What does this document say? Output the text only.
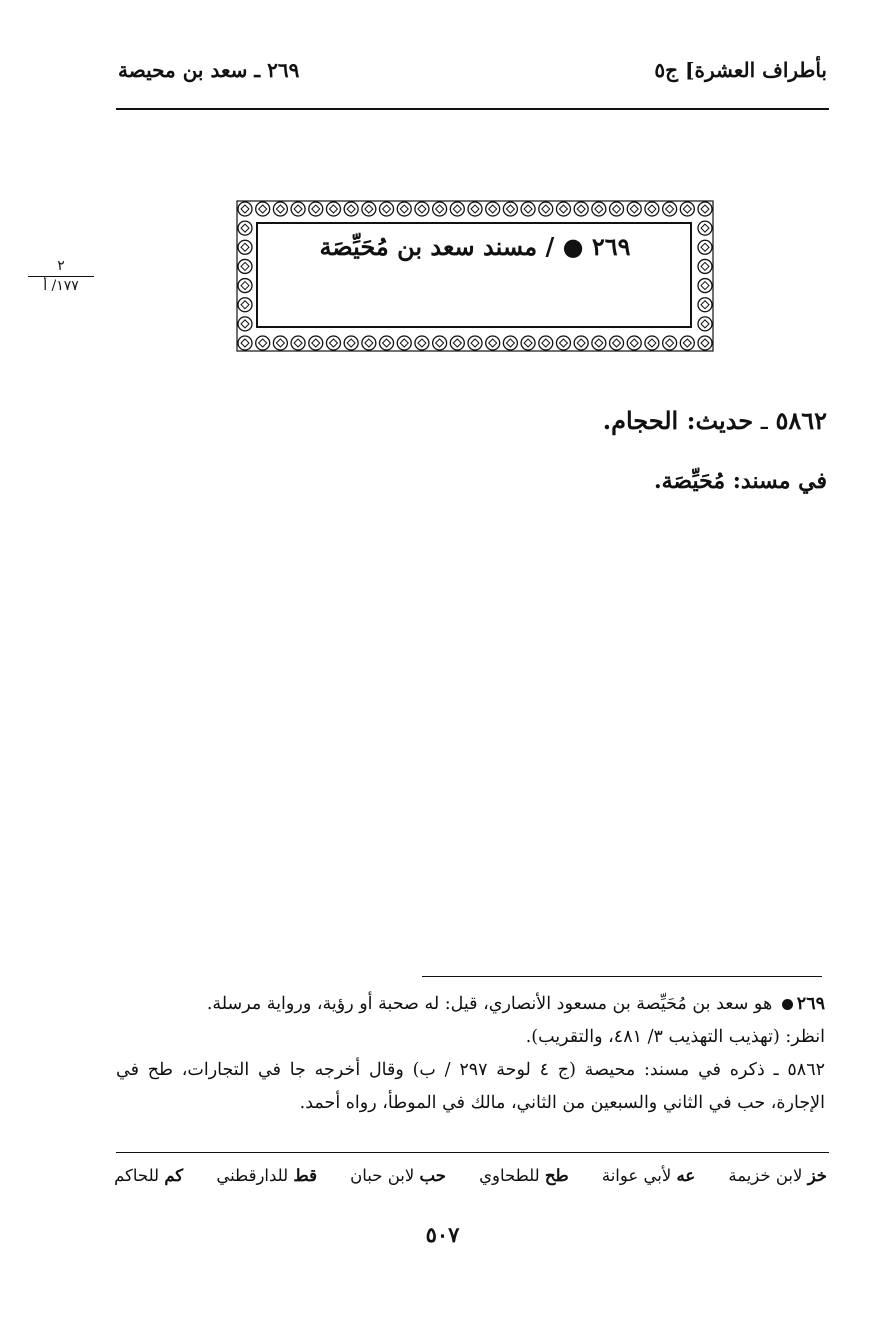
بأطراف العشرة] ج٥
٢٦٩ ـ سعد بن محيصة
٢
١٧٧/ أ
٢٦٩ ● / مسند سعد بن مُحَيِّصَة
٥٨٦٢ ـ حديث: الحجام.
في مسند: مُحَيِّصَة.

٢٦٩ هو سعد بن مُحَيِّصة بن مسعود الأنصاري، قيل: له صحبة أو رؤية، ورواية مرسلة.

انظر: (تهذيب التهذيب ٣/ ٤٨١، والتقريب).

٥٨٦٢ ـ ذكره في مسند: محيصة (ج ٤ لوحة ٢٩٧ / ب) وقال أخرجه جا في التجارات، طح في الإجارة، حب في الثاني والسبعين من الثاني، مالك في الموطأ، رواه أحمد.

خز لابن خزيمة
عه لأبي عوانة
طح للطحاوي
حب لابن حبان
قط للدارقطني
كم للحاكم
٥٠٧
